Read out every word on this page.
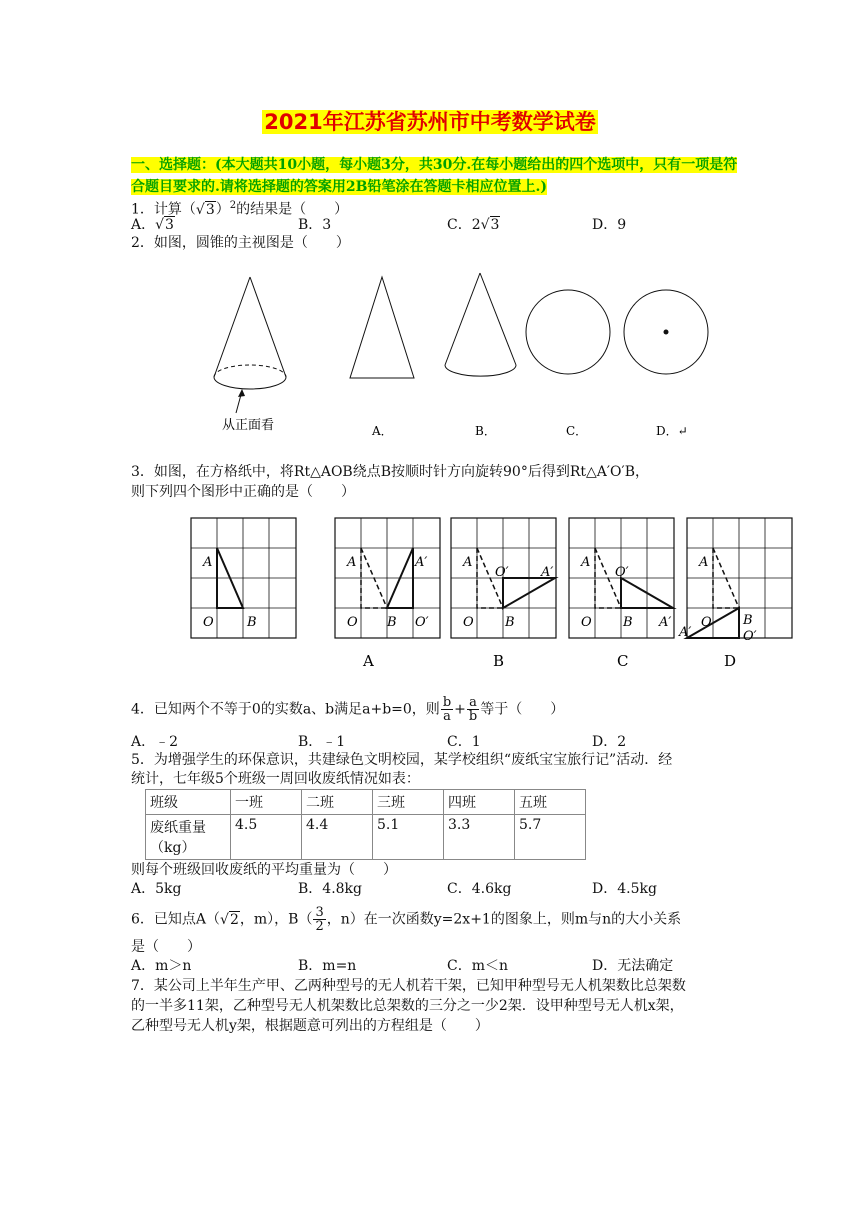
2021年江苏省苏州市中考数学试卷
一、选择题：(本大题共10小题，每小题3分，共30分.在每小题给出的四个选项中，只有一项是符合题目要求的.请将选择题的答案用2B铅笔涂在答题卡相应位置上.)
1．计算$(√3)^2$的结果是（　　）
A．√3	B．3	C．2√3	D．9
2．如图，圆锥的主视图是（　　）
从正面看	A．	B．	C．	D．↵
3．如图，在方格纸中，将Rt△AOB绕点B按顺时针方向旋转90°后得到Rt△A′O′B，
则下列四个图形中正确的是（　　）
A
O	B
A	A′
O B O′
A
O′ A′
O B
A
O′
O B A′
A
O B
O′
A′
A	B	C	D
4．已知两个不等于0的实数a、b满足a+b=0，则 $\frac{b}{a} + \frac{a}{b}$ 等于（　　）
A．﹣2	B．﹣1	C．1	D．2
5．为增强学生的环保意识，共建绿色文明校园，某学校组织“废纸宝宝旅行记”活动．经
统计，七年级5个班级一周回收废纸情况如表：
班级	一班	二班	三班	四班	五班

废纸重量
（kg）	4.5	4.4	5.1	3.3	5.7
则每个班级回收废纸的平均重量为（　　）
A．5kg	B．4.8kg	C．4.6kg	D．4.5kg
6．已知点A（√2，m），$B( \frac{3}{2}$ ，n）在一次函数y=2x+1的图象上，则m与n的大小关系
是（　　）
A．m＞n	B．m=n	C．m＜n	D．无法确定
7．某公司上半年生产甲、乙两种型号的无人机若干架，已知甲种型号无人机架数比总架数
的一半多11架，乙种型号无人机架数比总架数的三分之一少2架．设甲种型号无人机x架，
乙种型号无人机y架，根据题意可列出的方程组是（　　）
